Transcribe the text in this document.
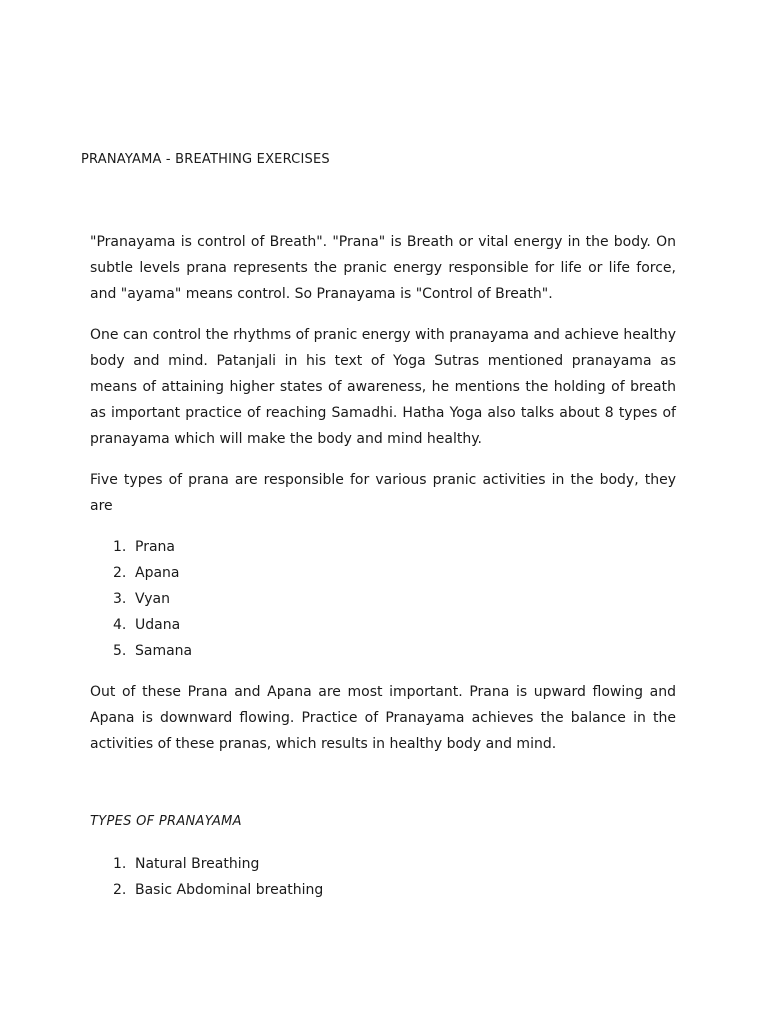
PRANAYAMA - BREATHING EXERCISES

"Pranayama is control of Breath". "Prana" is Breath or vital energy in the body. On subtle levels prana represents the pranic energy responsible for life or life force, and "ayama" means control. So Pranayama is "Control of Breath".

One can control the rhythms of pranic energy with pranayama and achieve healthy body and mind. Patanjali in his text of Yoga Sutras mentioned pranayama as means of attaining higher states of awareness, he mentions the holding of breath as important practice of reaching Samadhi. Hatha Yoga also talks about 8 types of pranayama which will make the body and mind healthy.

Five types of prana are responsible for various pranic activities in the body, they are

1. Prana
2. Apana
3. Vyan
4. Udana
5. Samana

Out of these Prana and Apana are most important. Prana is upward flowing and Apana is downward flowing. Practice of Pranayama achieves the balance in the activities of these pranas, which results in healthy body and mind.

TYPES OF PRANAYAMA
1. Natural Breathing
2. Basic Abdominal breathing
